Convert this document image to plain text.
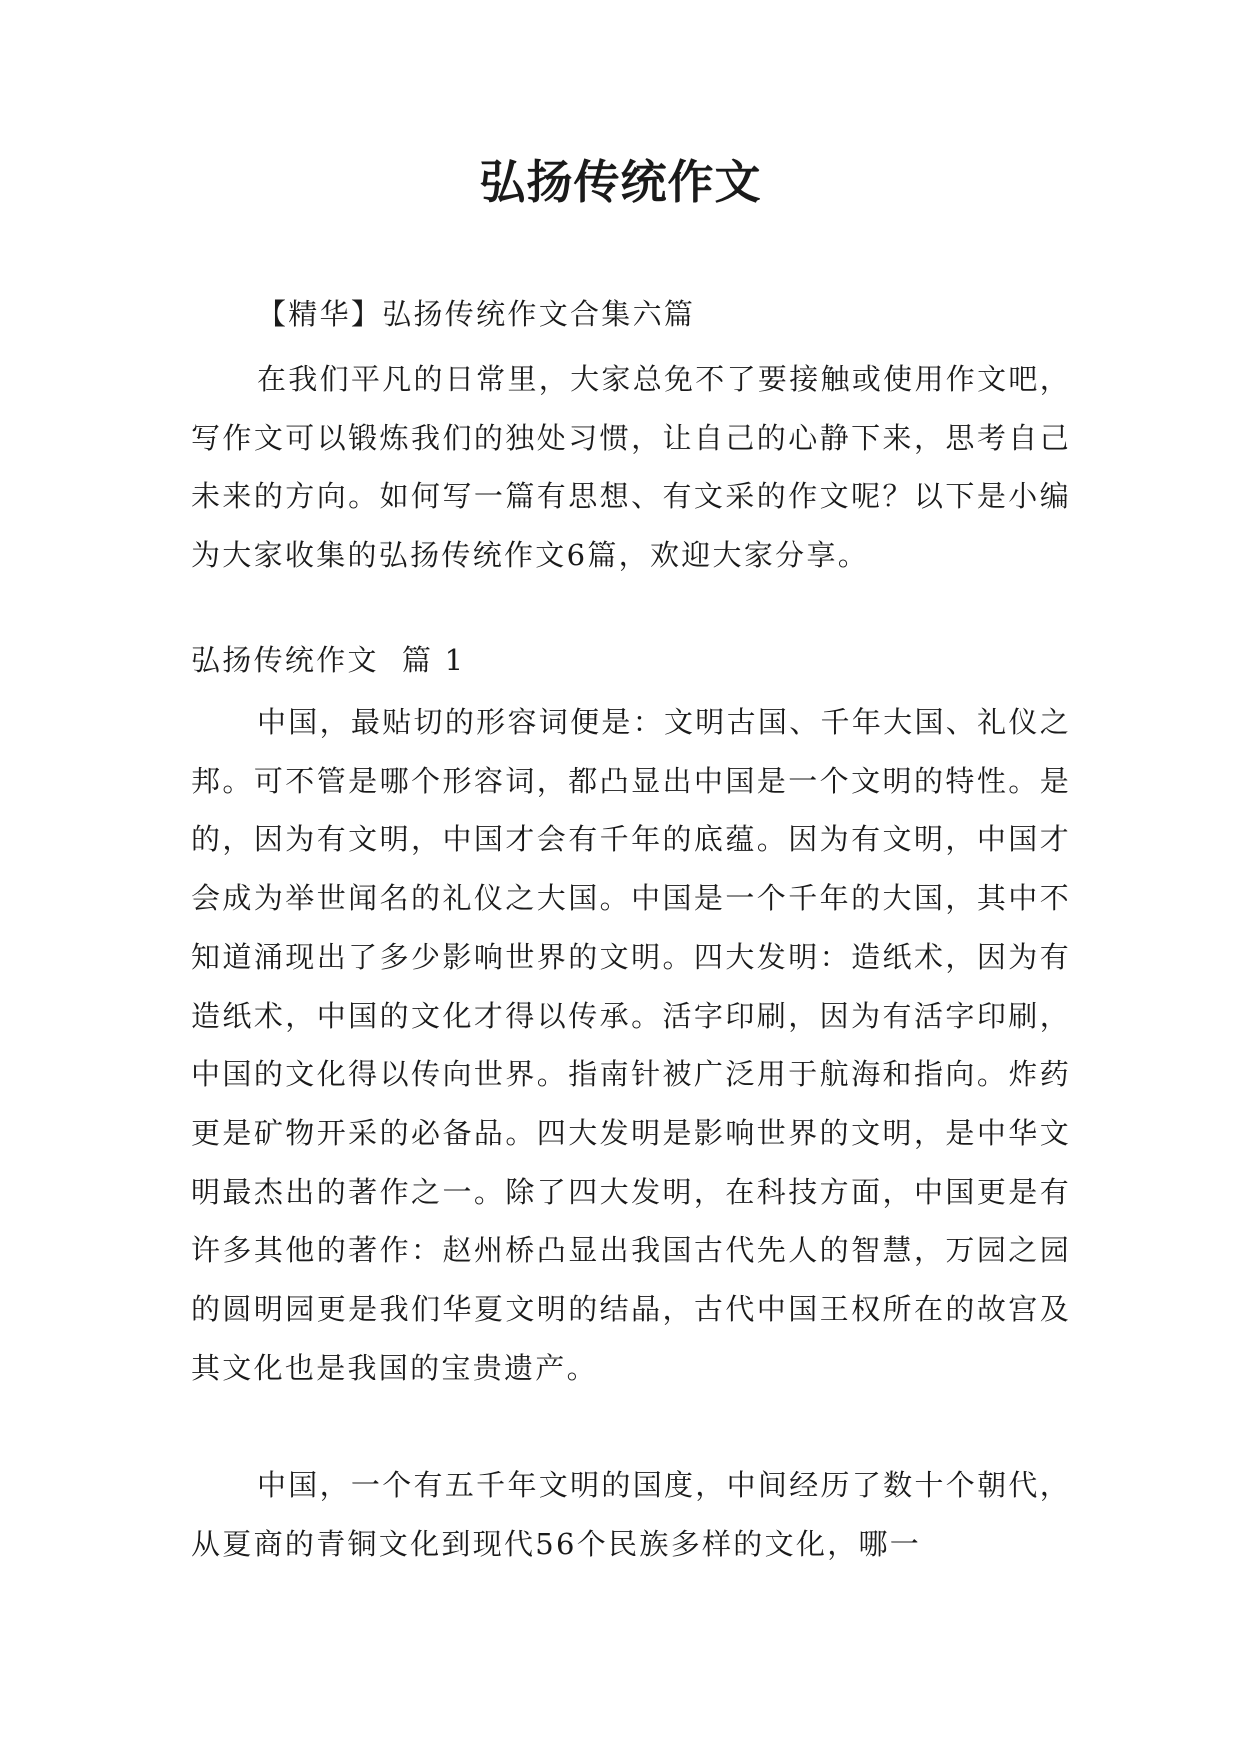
弘扬传统作文

【精华】弘扬传统作文合集六篇

在我们平凡的日常里，大家总免不了要接触或使用作文吧，写作文可以锻炼我们的独处习惯，让自己的心静下来，思考自己未来的方向。如何写一篇有思想、有文采的作文呢？以下是小编为大家收集的弘扬传统作文6篇，欢迎大家分享。

弘扬传统作文  篇 1

中国，最贴切的形容词便是：文明古国、千年大国、礼仪之邦。可不管是哪个形容词，都凸显出中国是一个文明的特性。是的，因为有文明，中国才会有千年的底蕴。因为有文明，中国才会成为举世闻名的礼仪之大国。中国是一个千年的大国，其中不知道涌现出了多少影响世界的文明。四大发明：造纸术，因为有造纸术，中国的文化才得以传承。活字印刷，因为有活字印刷，中国的文化得以传向世界。指南针被广泛用于航海和指向。炸药更是矿物开采的必备品。四大发明是影响世界的文明，是中华文明最杰出的著作之一。除了四大发明，在科技方面，中国更是有许多其他的著作：赵州桥凸显出我国古代先人的智慧，万园之园的圆明园更是我们华夏文明的结晶，古代中国王权所在的故宫及其文化也是我国的宝贵遗产。

中国，一个有五千年文明的国度，中间经历了数十个朝代，从夏商的青铜文化到现代56个民族多样的文化，哪一
